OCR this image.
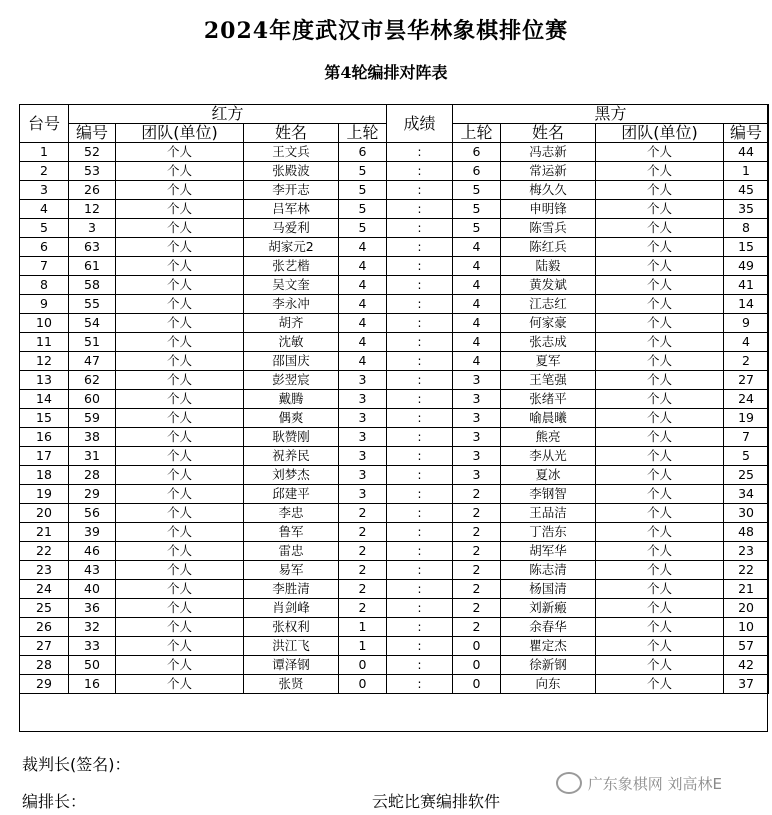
2024年度武汉市昙华林象棋排位赛
第4轮编排对阵表
台号	红方				成绩	黑方			
	编号	团队(单位)	姓名	上轮		上轮	姓名	团队(单位)	编号
1	52	个人	王文兵	6	:	6	冯志新	个人	44
2	53	个人	张殿波	5	:	6	常运新	个人	1
3	26	个人	李开志	5	:	5	梅久久	个人	45
4	12	个人	吕军林	5	:	5	申明锋	个人	35
5	3	个人	马爱利	5	:	5	陈雪兵	个人	8
6	63	个人	胡家元2	4	:	4	陈红兵	个人	15
7	61	个人	张艺楷	4	:	4	陆毅	个人	49
8	58	个人	吴文奎	4	:	4	黄发斌	个人	41
9	55	个人	李永冲	4	:	4	江志红	个人	14
10	54	个人	胡齐	4	:	4	何家豪	个人	9
11	51	个人	沈敏	4	:	4	张志成	个人	4
12	47	个人	邵国庆	4	:	4	夏军	个人	2
13	62	个人	彭翌宸	3	:	3	王笔强	个人	27
14	60	个人	戴腾	3	:	3	张绪平	个人	24
15	59	个人	偶爽	3	:	3	喻晨曦	个人	19
16	38	个人	耿赞刚	3	:	3	熊亮	个人	7
17	31	个人	祝养民	3	:	3	李从光	个人	5
18	28	个人	刘梦杰	3	:	3	夏冰	个人	25
19	29	个人	邱建平	3	:	2	李钢智	个人	34
20	56	个人	李忠	2	:	2	王品洁	个人	30
21	39	个人	鲁军	2	:	2	丁浩东	个人	48
22	46	个人	雷忠	2	:	2	胡军华	个人	23
23	43	个人	易军	2	:	2	陈志清	个人	22
24	40	个人	李胜清	2	:	2	杨国清	个人	21
25	36	个人	肖剑峰	2	:	2	刘新瘢	个人	20
26	32	个人	张权利	1	:	2	余春华	个人	10
27	33	个人	洪江飞	1	:	0	瞿定杰	个人	57
28	50	个人	谭泽钢	0	:	0	徐新钢	个人	42
29	16	个人	张贤	0	:	0	向东	个人	37
裁判长(签名)：
编排长：	云蛇比赛编排软件
广东象棋网 刘高林E
